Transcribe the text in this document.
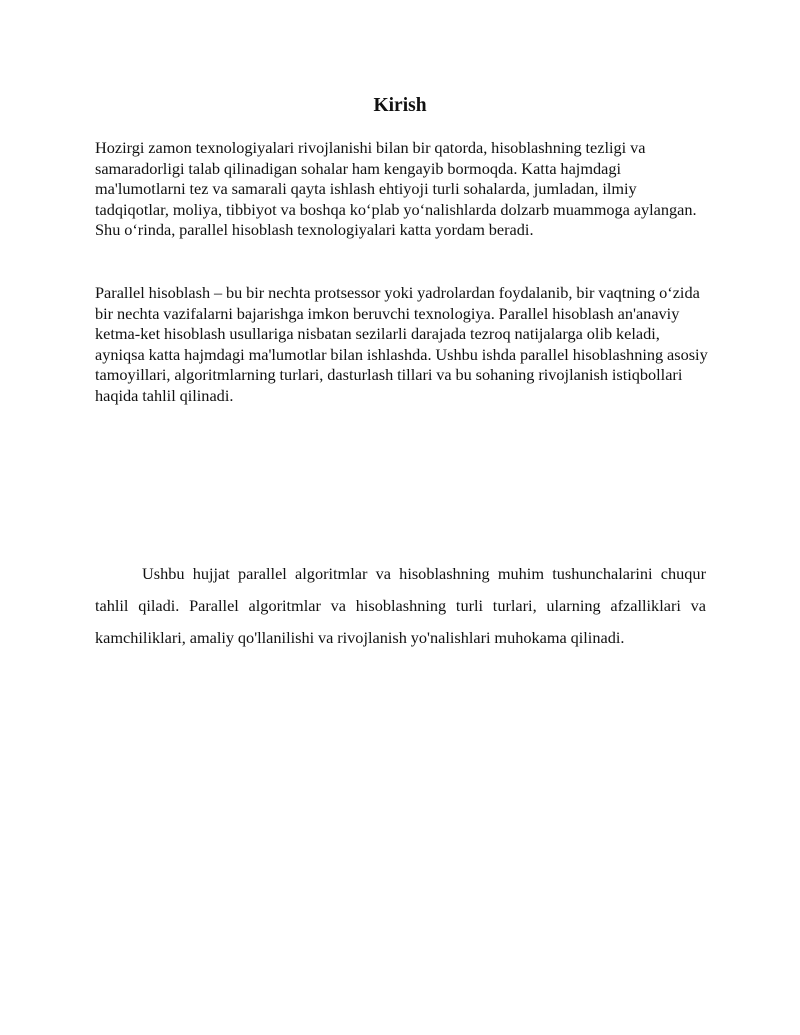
Kirish

Hozirgi zamon texnologiyalari rivojlanishi bilan bir qatorda, hisoblashning tezligi va samaradorligi talab qilinadigan sohalar ham kengayib bormoqda. Katta hajmdagi ma'lumotlarni tez va samarali qayta ishlash ehtiyoji turli sohalarda, jumladan, ilmiy tadqiqotlar, moliya, tibbiyot va boshqa ko‘plab yo‘nalishlarda dolzarb muammoga aylangan. Shu o‘rinda, parallel hisoblash texnologiyalari katta yordam beradi.

Parallel hisoblash – bu bir nechta protsessor yoki yadrolardan foydalanib, bir vaqtning o‘zida bir nechta vazifalarni bajarishga imkon beruvchi texnologiya. Parallel hisoblash an'anaviy ketma-ket hisoblash usullariga nisbatan sezilarli darajada tezroq natijalarga olib keladi, ayniqsa katta hajmdagi ma'lumotlar bilan ishlashda. Ushbu ishda parallel hisoblashning asosiy tamoyillari, algoritmlarning turlari, dasturlash tillari va bu sohaning rivojlanish istiqbollari haqida tahlil qilinadi.

Ushbu hujjat parallel algoritmlar va hisoblashning muhim tushunchalarini chuqur tahlil qiladi. Parallel algoritmlar va hisoblashning turli turlari, ularning afzalliklari va kamchiliklari, amaliy qo'llanilishi va rivojlanish yo'nalishlari muhokama qilinadi.
